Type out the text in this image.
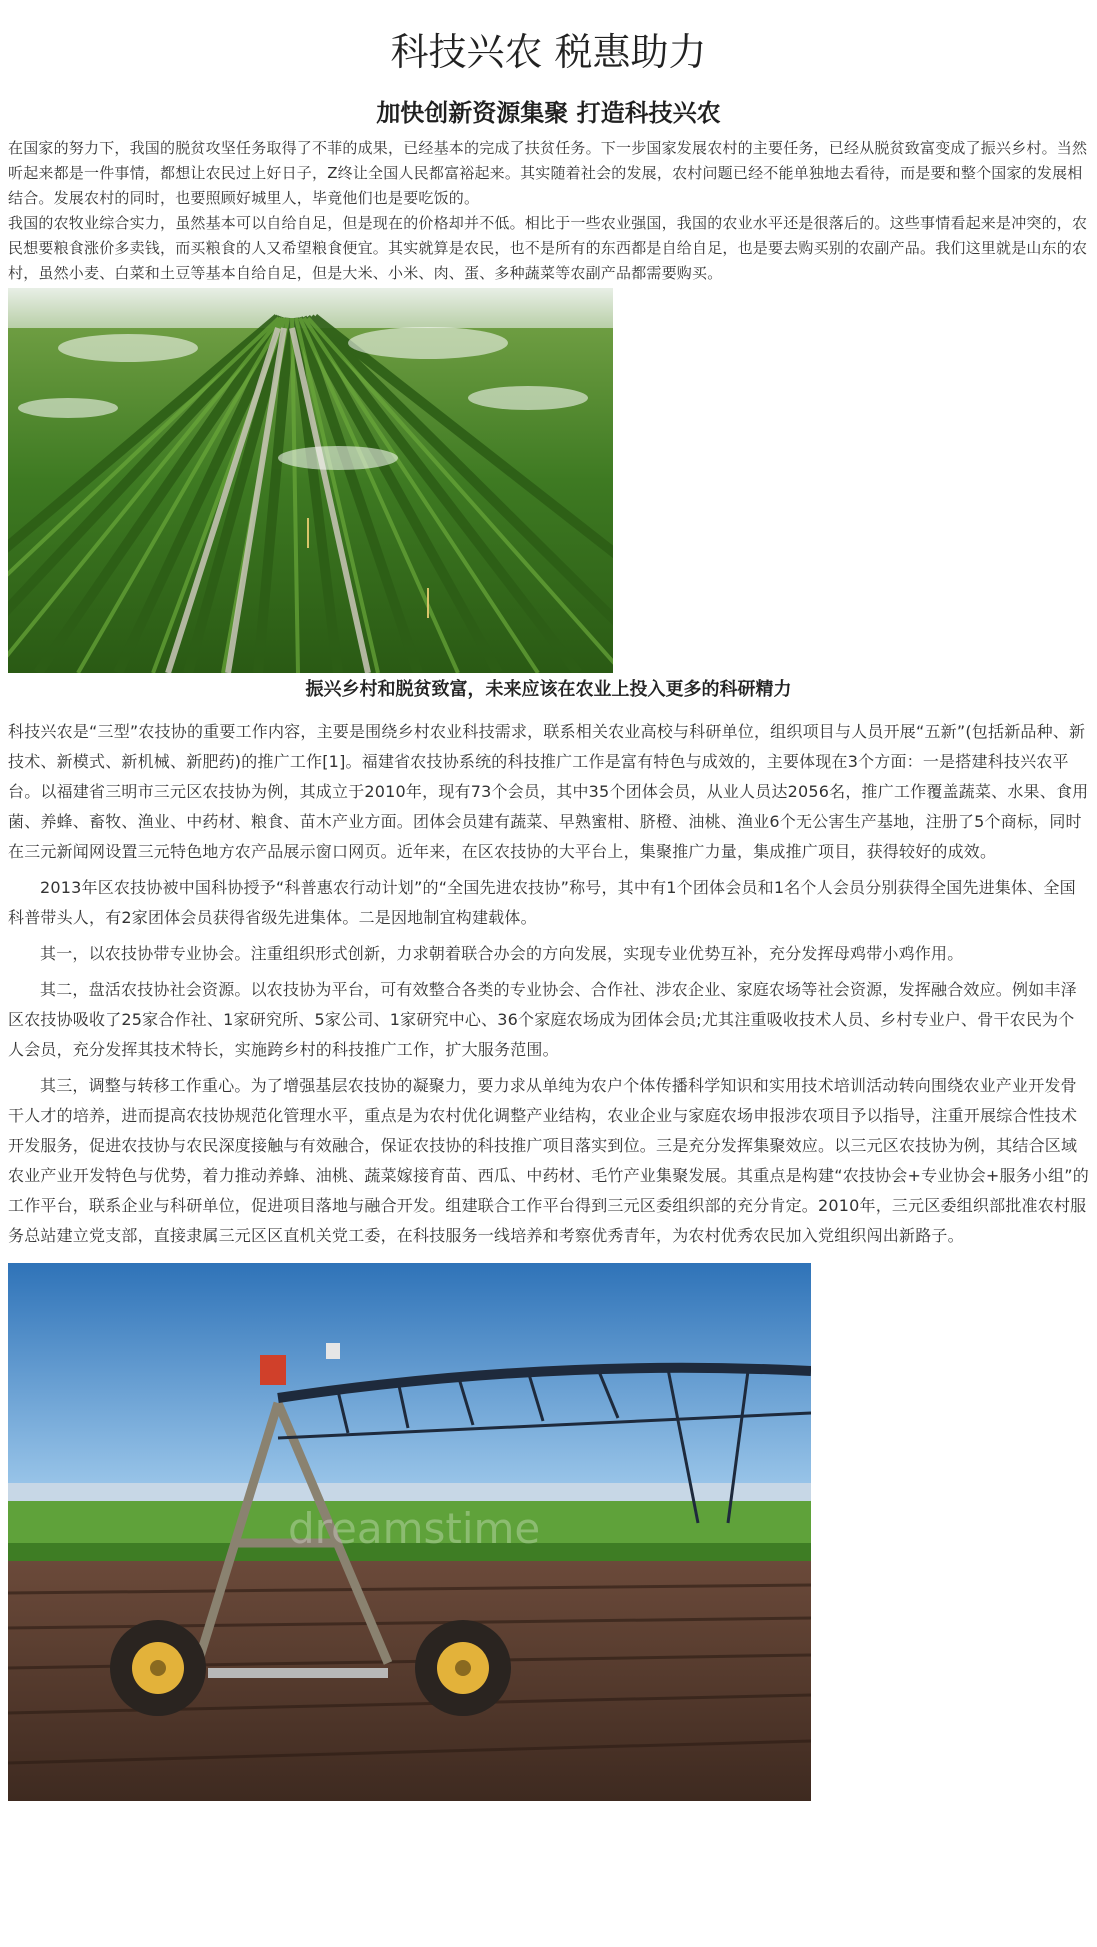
科技兴农 税惠助力
加快创新资源集聚 打造科技兴农

在国家的努力下，我国的脱贫攻坚任务取得了不菲的成果，已经基本的完成了扶贫任务。下一步国家发展农村的主要任务，已经从脱贫致富变成了振兴乡村。当然听起来都是一件事情，都想让农民过上好日子，Z终让全国人民都富裕起来。其实随着社会的发展，农村问题已经不能单独地去看待，而是要和整个国家的发展相结合。发展农村的同时，也要照顾好城里人，毕竟他们也是要吃饭的。

我国的农牧业综合实力，虽然基本可以自给自足，但是现在的价格却并不低。相比于一些农业强国，我国的农业水平还是很落后的。这些事情看起来是冲突的，农民想要粮食涨价多卖钱，而买粮食的人又希望粮食便宜。其实就算是农民，也不是所有的东西都是自给自足，也是要去购买别的农副产品。我们这里就是山东的农村，虽然小麦、白菜和土豆等基本自给自足，但是大米、小米、肉、蛋、多种蔬菜等农副产品都需要购买。

振兴乡村和脱贫致富，未来应该在农业上投入更多的科研精力

科技兴农是“三型”农技协的重要工作内容，主要是围绕乡村农业科技需求，联系相关农业高校与科研单位，组织项目与人员开展“五新”(包括新品种、新技术、新模式、新机械、新肥药)的推广工作[1]。福建省农技协系统的科技推广工作是富有特色与成效的，主要体现在3个方面：一是搭建科技兴农平台。以福建省三明市三元区农技协为例，其成立于2010年，现有73个会员，其中35个团体会员，从业人员达2056名，推广工作覆盖蔬菜、水果、食用菌、养蜂、畜牧、渔业、中药材、粮食、苗木产业方面。团体会员建有蔬菜、早熟蜜柑、脐橙、油桃、渔业6个无公害生产基地，注册了5个商标，同时在三元新闻网设置三元特色地方农产品展示窗口网页。近年来，在区农技协的大平台上，集聚推广力量，集成推广项目，获得较好的成效。

2013年区农技协被中国科协授予“科普惠农行动计划”的“全国先进农技协”称号，其中有1个团体会员和1名个人会员分别获得全国先进集体、全国科普带头人，有2家团体会员获得省级先进集体。二是因地制宜构建载体。

其一，以农技协带专业协会。注重组织形式创新，力求朝着联合办会的方向发展，实现专业优势互补，充分发挥母鸡带小鸡作用。

其二，盘活农技协社会资源。以农技协为平台，可有效整合各类的专业协会、合作社、涉农企业、家庭农场等社会资源，发挥融合效应。例如丰泽区农技协吸收了25家合作社、1家研究所、5家公司、1家研究中心、36个家庭农场成为团体会员;尤其注重吸收技术人员、乡村专业户、骨干农民为个人会员，充分发挥其技术特长，实施跨乡村的科技推广工作，扩大服务范围。

其三，调整与转移工作重心。为了增强基层农技协的凝聚力，要力求从单纯为农户个体传播科学知识和实用技术培训活动转向围绕农业产业开发骨干人才的培养，进而提高农技协规范化管理水平，重点是为农村优化调整产业结构，农业企业与家庭农场申报涉农项目予以指导，注重开展综合性技术开发服务，促进农技协与农民深度接触与有效融合，保证农技协的科技推广项目落实到位。三是充分发挥集聚效应。以三元区农技协为例，其结合区域农业产业开发特色与优势，着力推动养蜂、油桃、蔬菜嫁接育苗、西瓜、中药材、毛竹产业集聚发展。其重点是构建“农技协会+专业协会+服务小组”的工作平台，联系企业与科研单位，促进项目落地与融合开发。组建联合工作平台得到三元区委组织部的充分肯定。2010年，三元区委组织部批准农村服务总站建立党支部，直接隶属三元区区直机关党工委，在科技服务一线培养和考察优秀青年，为农村优秀农民加入党组织闯出新路子。

dreamstime
